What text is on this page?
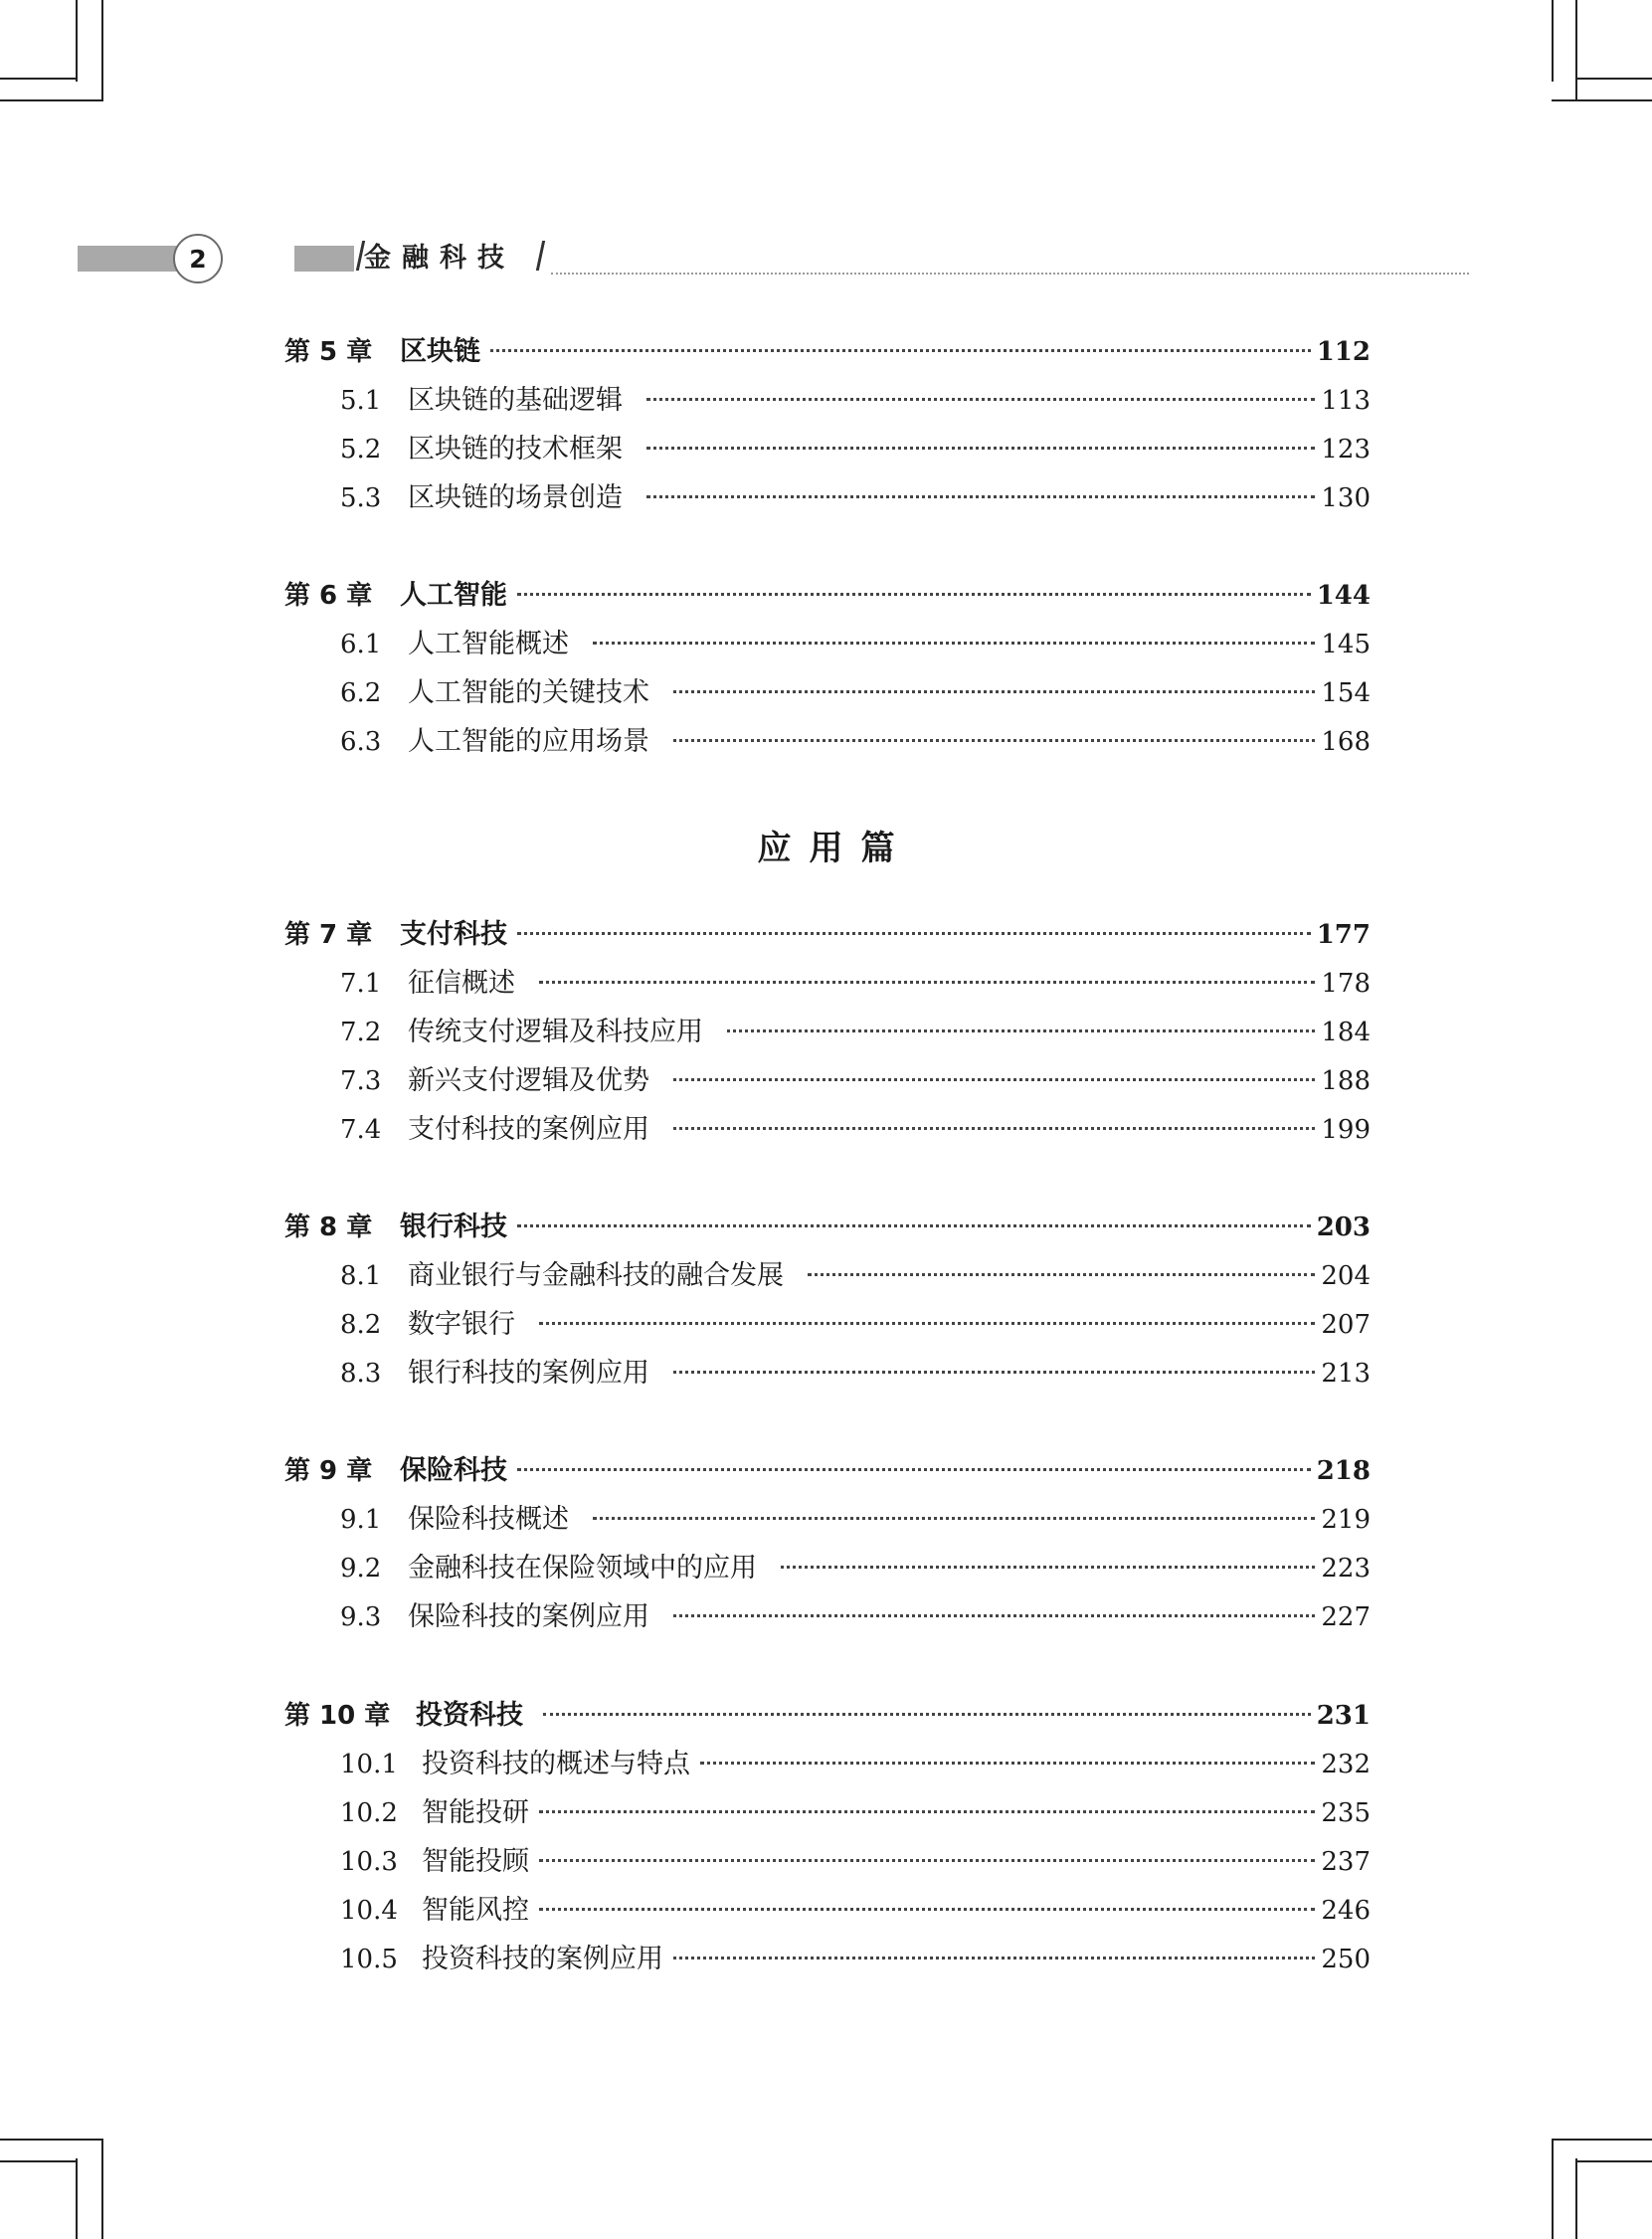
2	金融科技
应用篇
第 5 章	区块链	112
5.1 区块链的基础逻辑	113
5.2 区块链的技术框架	123
5.3 区块链的场景创造	130
第 6 章	人工智能	144
6.1 人工智能概述	145
6.2 人工智能的关键技术	154
6.3 人工智能的应用场景	168
第 7 章	支付科技	177
7.1 征信概述	178
7.2 传统支付逻辑及科技应用	184
7.3 新兴支付逻辑及优势	188
7.4 支付科技的案例应用	199
第 8 章	银行科技	203
8.1 商业银行与金融科技的融合发展	204
8.2 数字银行	207
8.3 银行科技的案例应用	213
第 9 章	保险科技	218
9.1 保险科技概述	219
9.2 金融科技在保险领域中的应用	223
9.3 保险科技的案例应用	227
第 10 章 投资科技	231
10.1 投资科技的概述与特点	232
10.2 智能投研	235
10.3 智能投顾	237
10.4 智能风控	246
10.5 投资科技的案例应用	250
